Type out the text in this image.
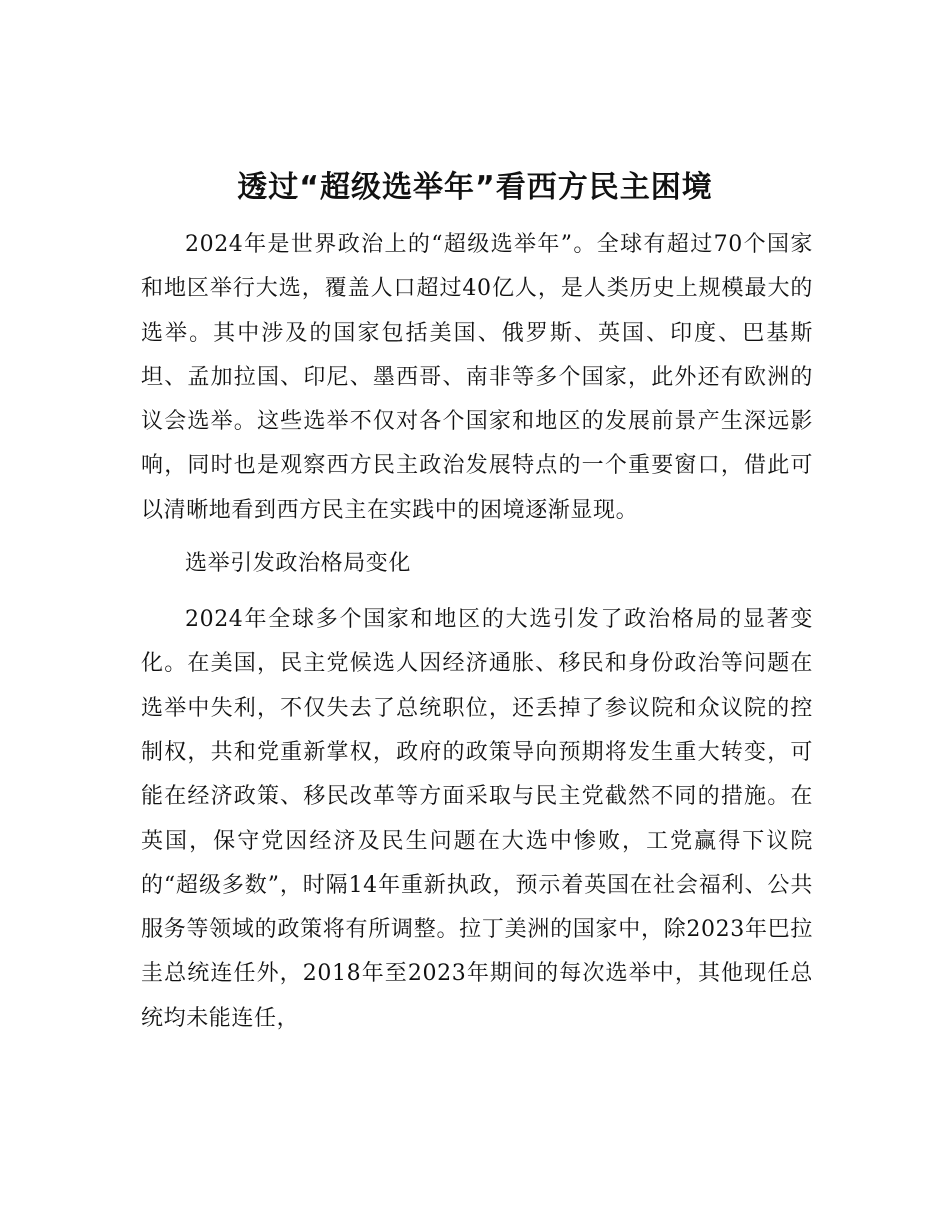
透过“超级选举年”看西方民主困境

2024年是世界政治上的“超级选举年”。全球有超过70个国家和地区举行大选，覆盖人口超过40亿人，是人类历史上规模最大的选举。其中涉及的国家包括美国、俄罗斯、英国、印度、巴基斯坦、孟加拉国、印尼、墨西哥、南非等多个国家，此外还有欧洲的议会选举。这些选举不仅对各个国家和地区的发展前景产生深远影响，同时也是观察西方民主政治发展特点的一个重要窗口，借此可以清晰地看到西方民主在实践中的困境逐渐显现。

选举引发政治格局变化

2024年全球多个国家和地区的大选引发了政治格局的显著变化。在美国，民主党候选人因经济通胀、移民和身份政治等问题在选举中失利，不仅失去了总统职位，还丢掉了参议院和众议院的控制权，共和党重新掌权，政府的政策导向预期将发生重大转变，可能在经济政策、移民改革等方面采取与民主党截然不同的措施。在英国，保守党因经济及民生问题在大选中惨败，工党赢得下议院的“超级多数”，时隔14年重新执政，预示着英国在社会福利、公共服务等领域的政策将有所调整。拉丁美洲的国家中，除2023年巴拉圭总统连任外，2018年至2023年期间的每次选举中，其他现任总统均未能连任，
